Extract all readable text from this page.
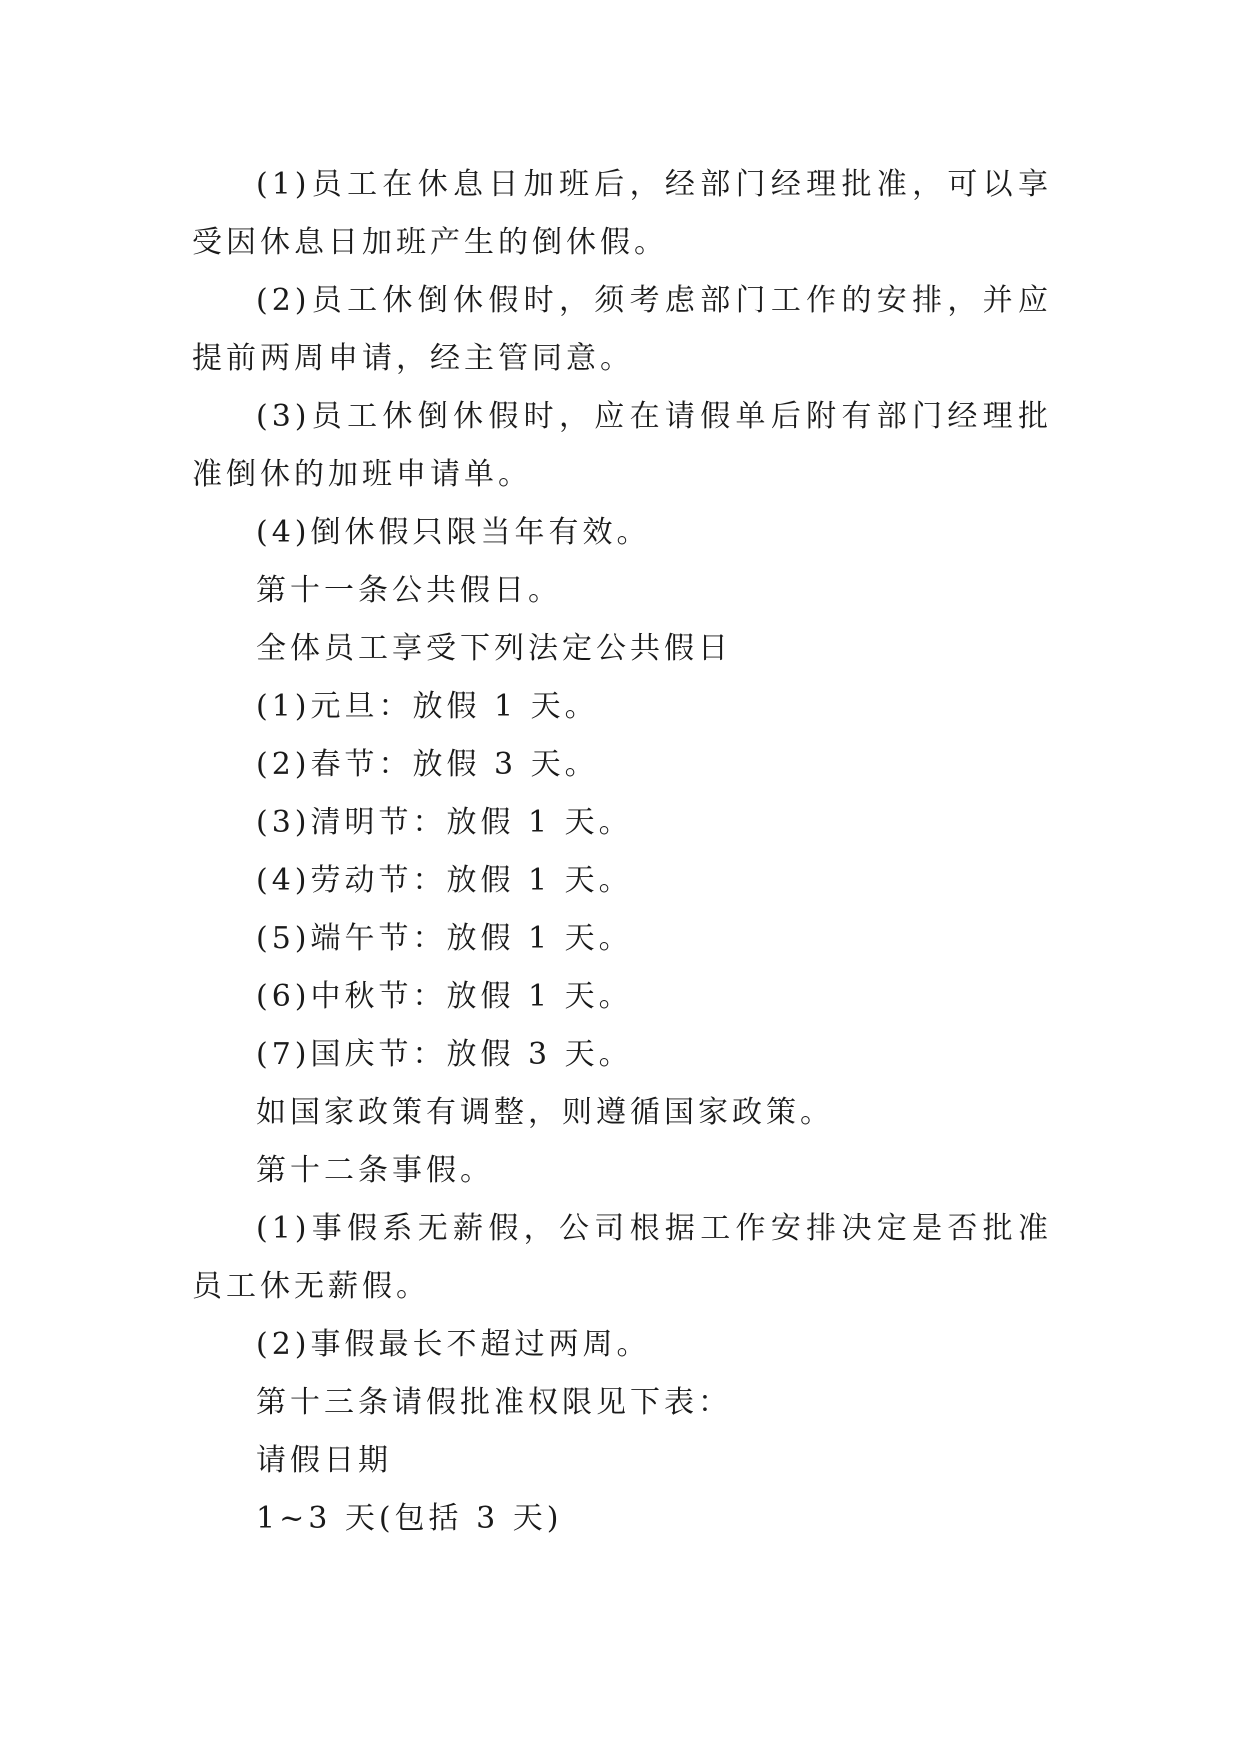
(1)员工在休息日加班后，经部门经理批准，可以享受因休息日加班产生的倒休假。

(2)员工休倒休假时，须考虑部门工作的安排，并应提前两周申请，经主管同意。

(3)员工休倒休假时，应在请假单后附有部门经理批准倒休的加班申请单。

(4)倒休假只限当年有效。

第十一条公共假日。

全体员工享受下列法定公共假日

(1)元旦：放假 1 天。

(2)春节：放假 3 天。

(3)清明节：放假 1 天。

(4)劳动节：放假 1 天。

(5)端午节：放假 1 天。

(6)中秋节：放假 1 天。

(7)国庆节：放假 3 天。

如国家政策有调整，则遵循国家政策。

第十二条事假。

(1)事假系无薪假，公司根据工作安排决定是否批准员工休无薪假。

(2)事假最长不超过两周。

第十三条请假批准权限见下表：

请假日期

1~3 天(包括 3 天)
